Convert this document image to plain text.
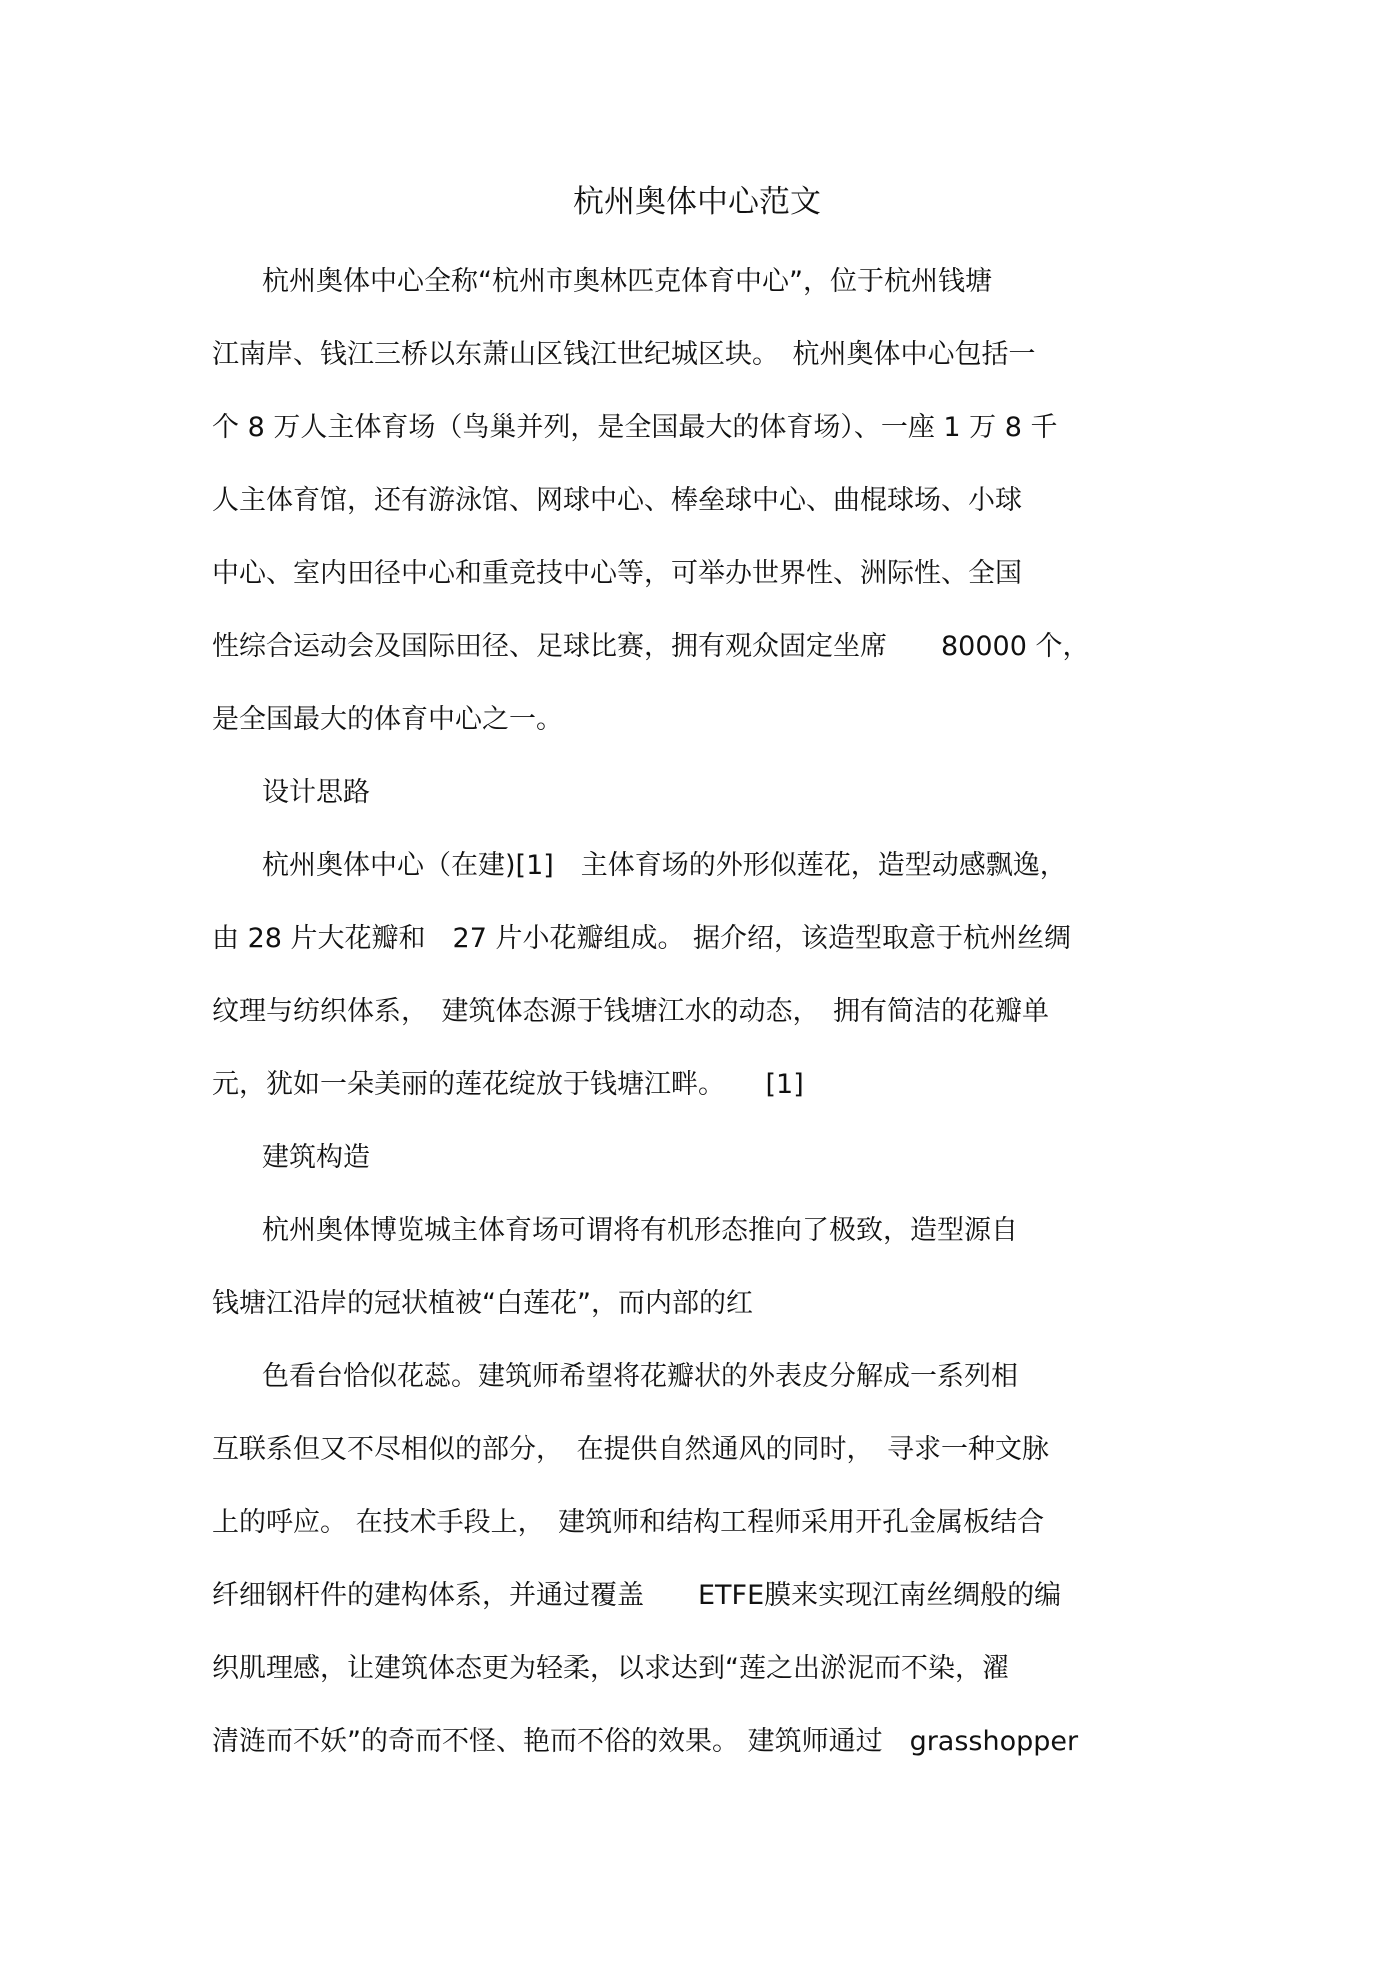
杭州奥体中心范文
杭州奥体中心全称“杭州市奥林匹克体育中心”，位于杭州钱塘
江南岸、钱江三桥以东萧山区钱江世纪城区块。　杭州奥体中心包括一
个 8 万人主体育场（鸟巢并列，是全国最大的体育场）、一座 1 万 8 千
人主体育馆，还有游泳馆、网球中心、棒垒球中心、曲棍球场、小球
中心、室内田径中心和重竞技中心等，可举办世界性、洲际性、全国
性综合运动会及国际田径、足球比赛，拥有观众固定坐席　　80000 个，
是全国最大的体育中心之一。
设计思路
杭州奥体中心（在建)[1]　主体育场的外形似莲花，造型动感飘逸，
由 28 片大花瓣和　27 片小花瓣组成。 据介绍，该造型取意于杭州丝绸
纹理与纺织体系，　建筑体态源于钱塘江水的动态，　拥有简洁的花瓣单
元，犹如一朵美丽的莲花绽放于钱塘江畔。　　[1]
建筑构造
杭州奥体博览城主体育场可谓将有机形态推向了极致，造型源自
钱塘江沿岸的冠状植被“白莲花”，而内部的红
色看台恰似花蕊。建筑师希望将花瓣状的外表皮分解成一系列相
互联系但又不尽相似的部分，　在提供自然通风的同时，　寻求一种文脉
上的呼应。 在技术手段上，　建筑师和结构工程师采用开孔金属板结合
纤细钢杆件的建构体系，并通过覆盖　　ETFE膜来实现江南丝绸般的编
织肌理感，让建筑体态更为轻柔，以求达到“莲之出淤泥而不染，濯
清涟而不妖”的奇而不怪、艳而不俗的效果。 建筑师通过　grasshopper
